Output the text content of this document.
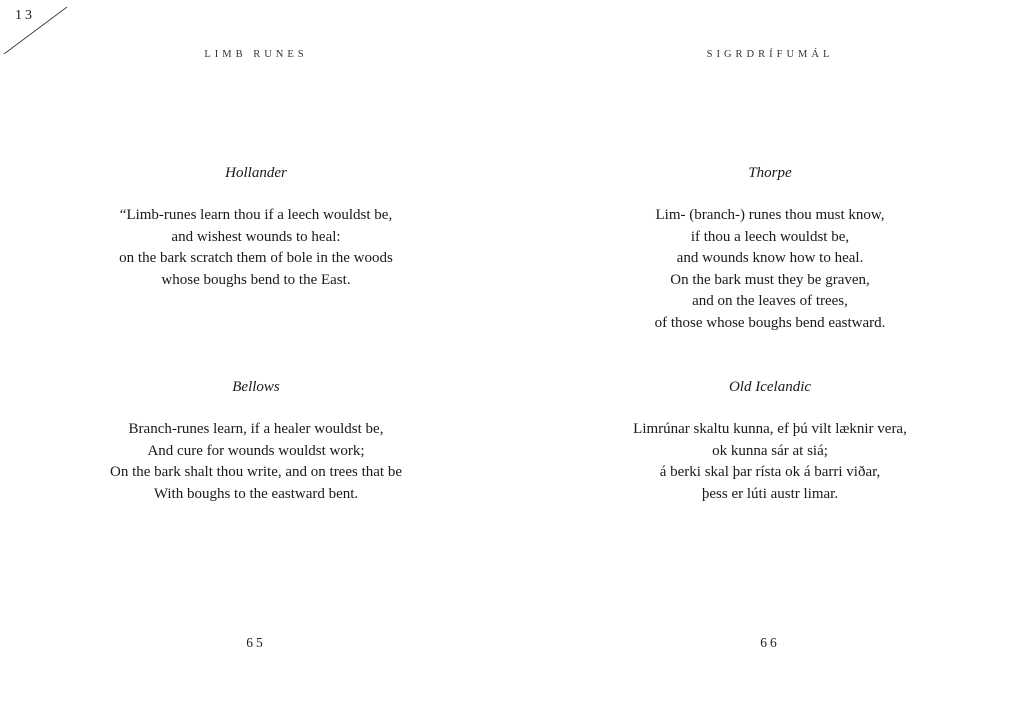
13
LIMB RUNES
Hollander
“Limb-runes learn thou if a leech wouldst be,
and wishest wounds to heal:
on the bark scratch them of bole in the woods
whose boughs bend to the East.
Bellows
Branch-runes learn, if a healer wouldst be,
And cure for wounds wouldst work;
On the bark shalt thou write, and on trees that be
With boughs to the eastward bent.
65
SIGRDRÍFUMÁL
Thorpe
Lim- (branch-) runes thou must know,
if thou a leech wouldst be,
and wounds know how to heal.
On the bark must they be graven,
and on the leaves of trees,
of those whose boughs bend eastward.
Old Icelandic
Limrúnar skaltu kunna, ef þú vilt læknir vera,
ok kunna sár at siá;
á berki skal þar rísta ok á barri viðar,
þess er lúti austr limar.
66
